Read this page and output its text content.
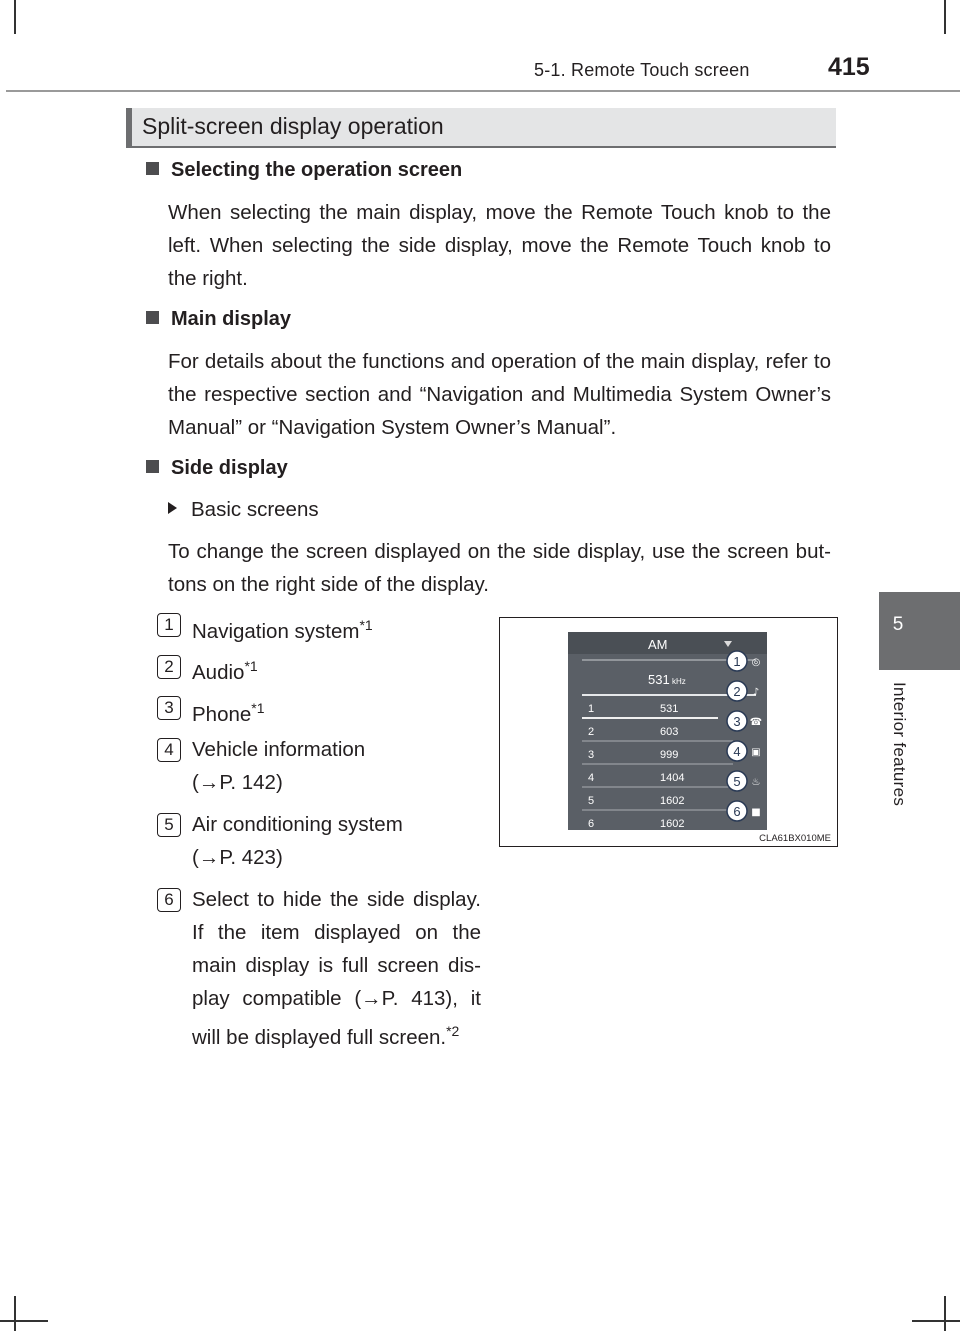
5-1. Remote Touch screen	415
5
Interior features
Split-screen display operation
Selecting the operation screen
When selecting the main display, move the Remote Touch knob to the left. When selecting the side display, move the Remote Touch knob to the right.
Main display
For details about the functions and operation of the main display, refer to the respective section and “Navigation and Multimedia System Owner’s Manual” or “Navigation System Owner’s Manual”.
Side display
Basic screens
To change the screen displayed on the side display, use the screen but-tons on the right side of the display.
1 Navigation system$^{*1}$
2 Audio$^{*1}$
3 Phone$^{*1}$
4 Vehicle information
(→P. 142)
5 Air conditioning system
(→P. 423)
6 Select to hide the side display. If the item displayed on the main display is full screen dis-play compatible (→P. 413), it will be displayed full screen.$^{*2}$
AM
531 kHz
1	531
2	603
3	999
4	1404
5	1602
6	1602
1 ◎
2 ♪
3 ☎
4 ▣
5 ♨
6 ■
CLA61BX010ME
